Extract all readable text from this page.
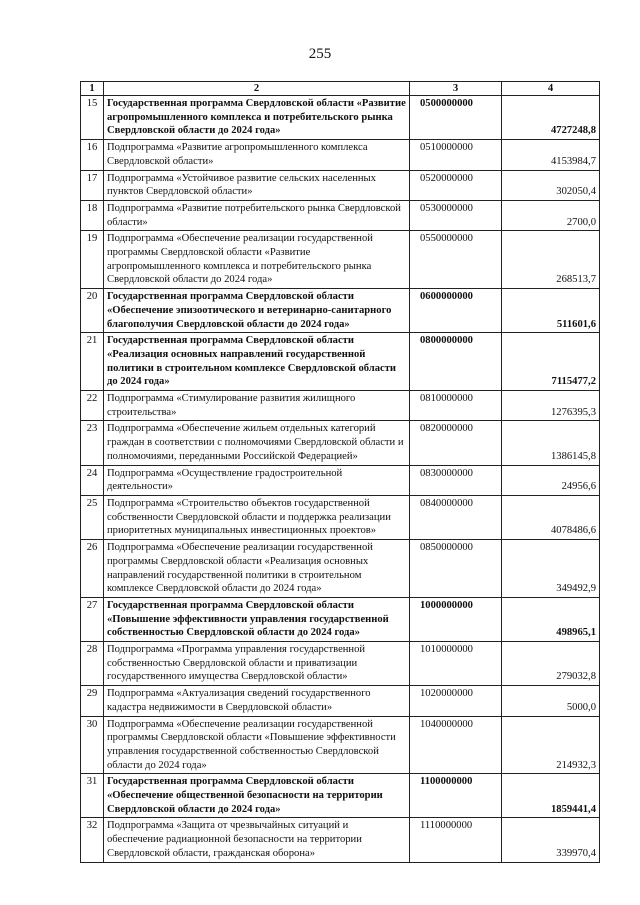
255
1	2	3	4
15	Государственная программа Свердловской области «Развитие агропромышленного комплекса и потребительского рынка Свердловской области до 2024 года»	0500000000	4727248,8
16	Подпрограмма «Развитие агропромышленного комплекса Свердловской области»	0510000000	4153984,7
17	Подпрограмма «Устойчивое развитие сельских населенных пунктов Свердловской области»	0520000000	302050,4
18	Подпрограмма «Развитие потребительского рынка Свердловской области»	0530000000	2700,0
19	Подпрограмма «Обеспечение реализации государственной программы Свердловской области «Развитие агропромышленного комплекса и потребительского рынка Свердловской области до 2024 года»	0550000000	268513,7
20	Государственная программа Свердловской области «Обеспечение эпизоотического и ветеринарно-санитарного благополучия Свердловской области до 2024 года»	0600000000	511601,6
21	Государственная программа Свердловской области «Реализация основных направлений государственной политики в строительном комплексе Свердловской области до 2024 года»	0800000000	7115477,2
22	Подпрограмма «Стимулирование развития жилищного строительства»	0810000000	1276395,3
23	Подпрограмма «Обеспечение жильем отдельных категорий граждан в соответствии с полномочиями Свердловской области и полномочиями, переданными Российской Федерацией»	0820000000	1386145,8
24	Подпрограмма «Осуществление градостроительной деятельности»	0830000000	24956,6
25	Подпрограмма «Строительство объектов государственной собственности Свердловской области и поддержка реализации приоритетных муниципальных инвестиционных проектов»	0840000000	4078486,6
26	Подпрограмма «Обеспечение реализации государственной программы Свердловской области «Реализация основных направлений государственной политики в строительном комплексе Свердловской области до 2024 года»	0850000000	349492,9
27	Государственная программа Свердловской области «Повышение эффективности управления государственной собственностью Свердловской области до 2024 года»	1000000000	498965,1
28	Подпрограмма «Программа управления государственной собственностью Свердловской области и приватизации государственного имущества Свердловской области»	1010000000	279032,8
29	Подпрограмма «Актуализация сведений государственного кадастра недвижимости в Свердловской области»	1020000000	5000,0
30	Подпрограмма «Обеспечение реализации государственной программы Свердловской области «Повышение эффективности управления государственной собственностью Свердловской области до 2024 года»	1040000000	214932,3
31	Государственная программа Свердловской области «Обеспечение общественной безопасности на территории Свердловской области до 2024 года»	1100000000	1859441,4
32	Подпрограмма «Защита от чрезвычайных ситуаций и обеспечение радиационной безопасности на территории Свердловской области, гражданская оборона»	1110000000	339970,4
